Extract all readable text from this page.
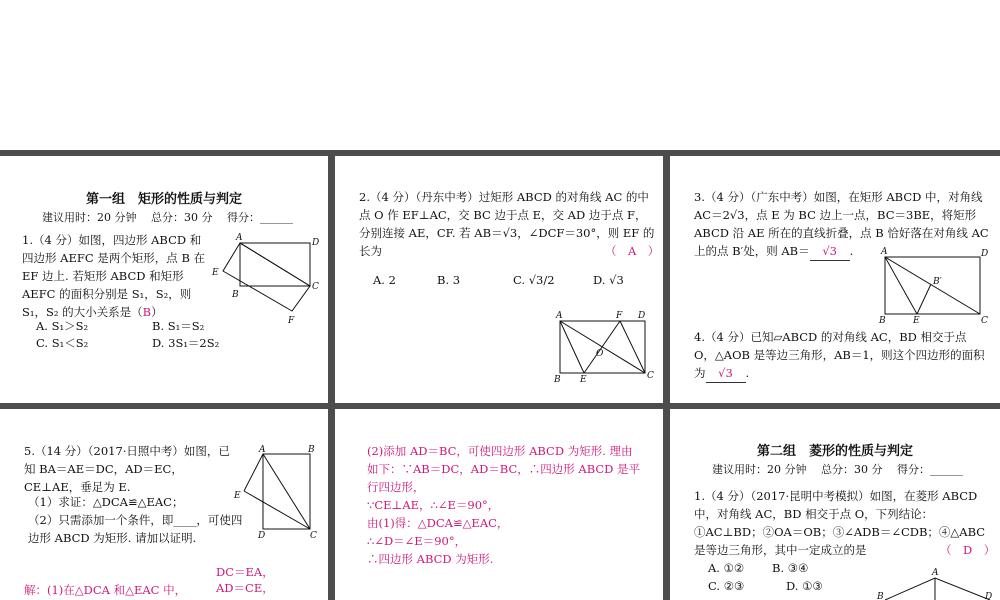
第一组　矩形的性质与判定
建议用时：20 分钟　 总分：30 分　 得分：______
1.（4 分）如图，四边形 ABCD 和四边形 AEFC 是两个矩形，点 B 在 EF 边上. 若矩形 ABCD 和矩形 AEFC 的面积分别是 S₁，S₂，则 S₁，S₂ 的大小关系是（B）
A. S₁＞S₂	B. S₁＝S₂
C. S₁＜S₂	D. 3S₁＝2S₂
A	D
E
B
C
F
2.（4 分）（丹东中考）过矩形 ABCD 的对角线 AC 的中点 O 作 EF⊥AC，交 BC 边于点 E，交 AD 边于点 F，分别连接 AE，CF. 若 AB＝√3，∠DCF＝30°，则 EF 的长为	（　A　）
A. 2	B. 3	C. √3/2	D. √3
A	F D
O
B E	C
3.（4 分）（广东中考）如图，在矩形 ABCD 中，对角线 AC＝2√3，点 E 为 BC 边上一点，BC＝3BE，将矩形 ABCD 沿 AE 所在的直线折叠，点 B 恰好落在对角线 AC 上的点 B′处，则 AB＝ √3 .	A	D
B′
B	E	C
4.（4 分）已知▱ABCD 的对角线 AC，BD 相交于点 O，△AOB 是等边三角形，AB＝1，则这个四边形的面积为 √3 .
5.（14 分）（2017·日照中考）如图，已知 BA＝AE＝DC，AD＝EC，CE⊥AE，垂足为 E.
（1）求证：△DCA≌△EAC；
（2）只需添加一个条件，即____，可使四边形 ABCD 为矩形. 请加以证明.
解：(1)在△DCA 和△EAC 中，
DC＝EA，
AD＝CE，
A	B
E
D	C
(2)添加 AD＝BC，可使四边形 ABCD 为矩形. 理由
如下：∵AB＝DC，AD＝BC，∴四边形 ABCD 是平
行四边形，
∵CE⊥AE，∴∠E＝90°，
由(1)得：△DCA≌△EAC，
∴∠D＝∠E＝90°，
∴四边形 ABCD 为矩形.
第二组　菱形的性质与判定
建议用时：20 分钟　 总分：30 分　 得分：______
1.（4 分）（2017·昆明中考模拟）如图，在菱形 ABCD 中，对角线 AC，BD 相交于点 O，下列结论：①AC⊥BD；②OA＝OB；③∠ADB＝∠CDB；④△ABC 是等边三角形，其中一定成立的是	（　D　）
A. ①② B. ③④
C. ②③	D. ①③
A
B	D
